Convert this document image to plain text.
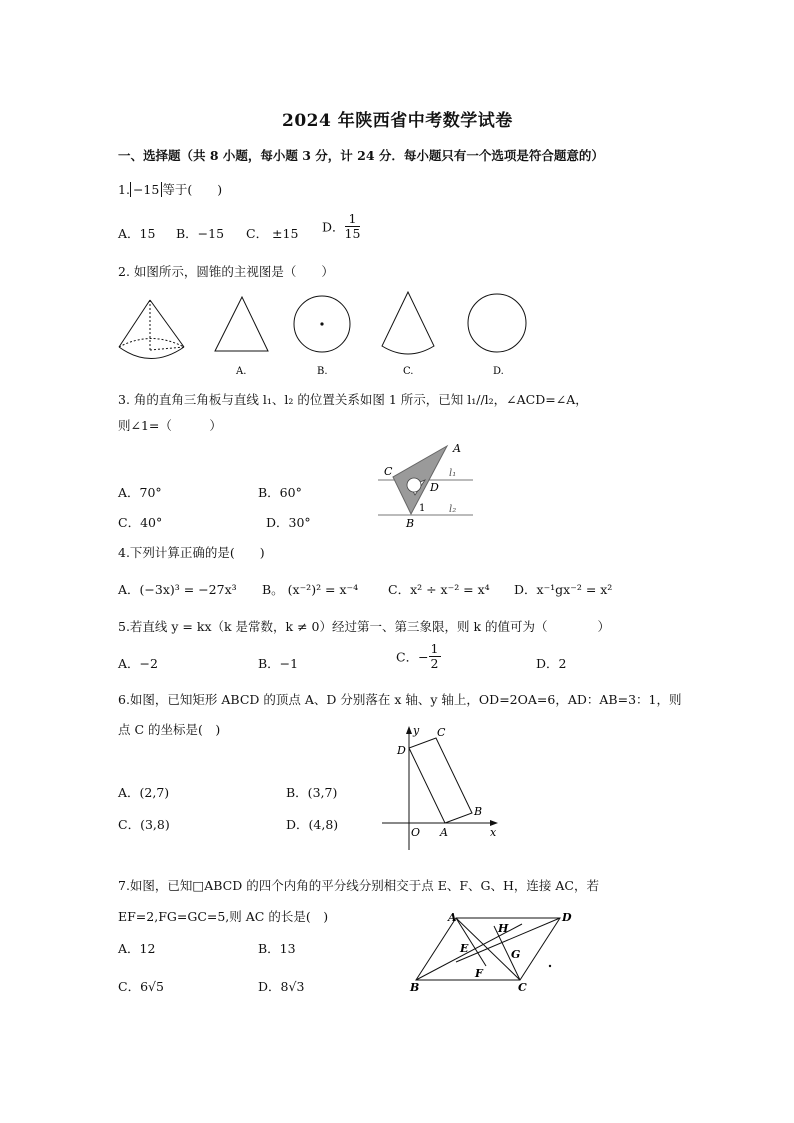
2024 年陕西省中考数学试卷
一、选择题（共 8 小题，每小题 3 分，计 24 分．每小题只有一个选项是符合题意的）
1. −15 等于(　　)
A．15 B．−15 C． ±15 D． $\frac{1}{15}$
2. 如图所示，圆锥的主视图是（　　）
A.	B.	C.	D.
3. 角的直角三角板与直线 l₁、l₂ 的位置关系如图 1 所示，已知 l₁//l₂，∠ACD=∠A，
则∠1=（　　　）
A．70°	B．60°
C．40°	D．30°
A
C
D
B
1
l₁
l₂
4.下列计算正确的是(　　)
A．(−3x)³ = −27x³ B。 (x⁻²)² = x⁻⁴ C．x² ÷ x⁻² = x⁴ D．x⁻¹gx⁻² = x²
5.若直线 y = kx（k 是常数，k ≠ 0）经过第一、第三象限，则 k 的值可为（　　　　）
A．−2	B．−1	C．− $\frac{1}{2}$	D．2
6.如图，已知矩形 ABCD 的顶点 A、D 分别落在 x 轴、y 轴上，OD=2OA=6，AD：AB=3：1，则
点 C 的坐标是(　)
A．(2,7)	B．(3,7)
C．(3,8)	D．(4,8)
y
x
O A
B
C
D
7.如图，已知□ABCD 的四个内角的平分线分别相交于点 E、F、G、H，连接 AC，若
EF=2,FG=GC=5,则 AC 的长是(　)
A．12	B．13
C．6√5	D．8√3
A	D
B	C
E
F
G
H
